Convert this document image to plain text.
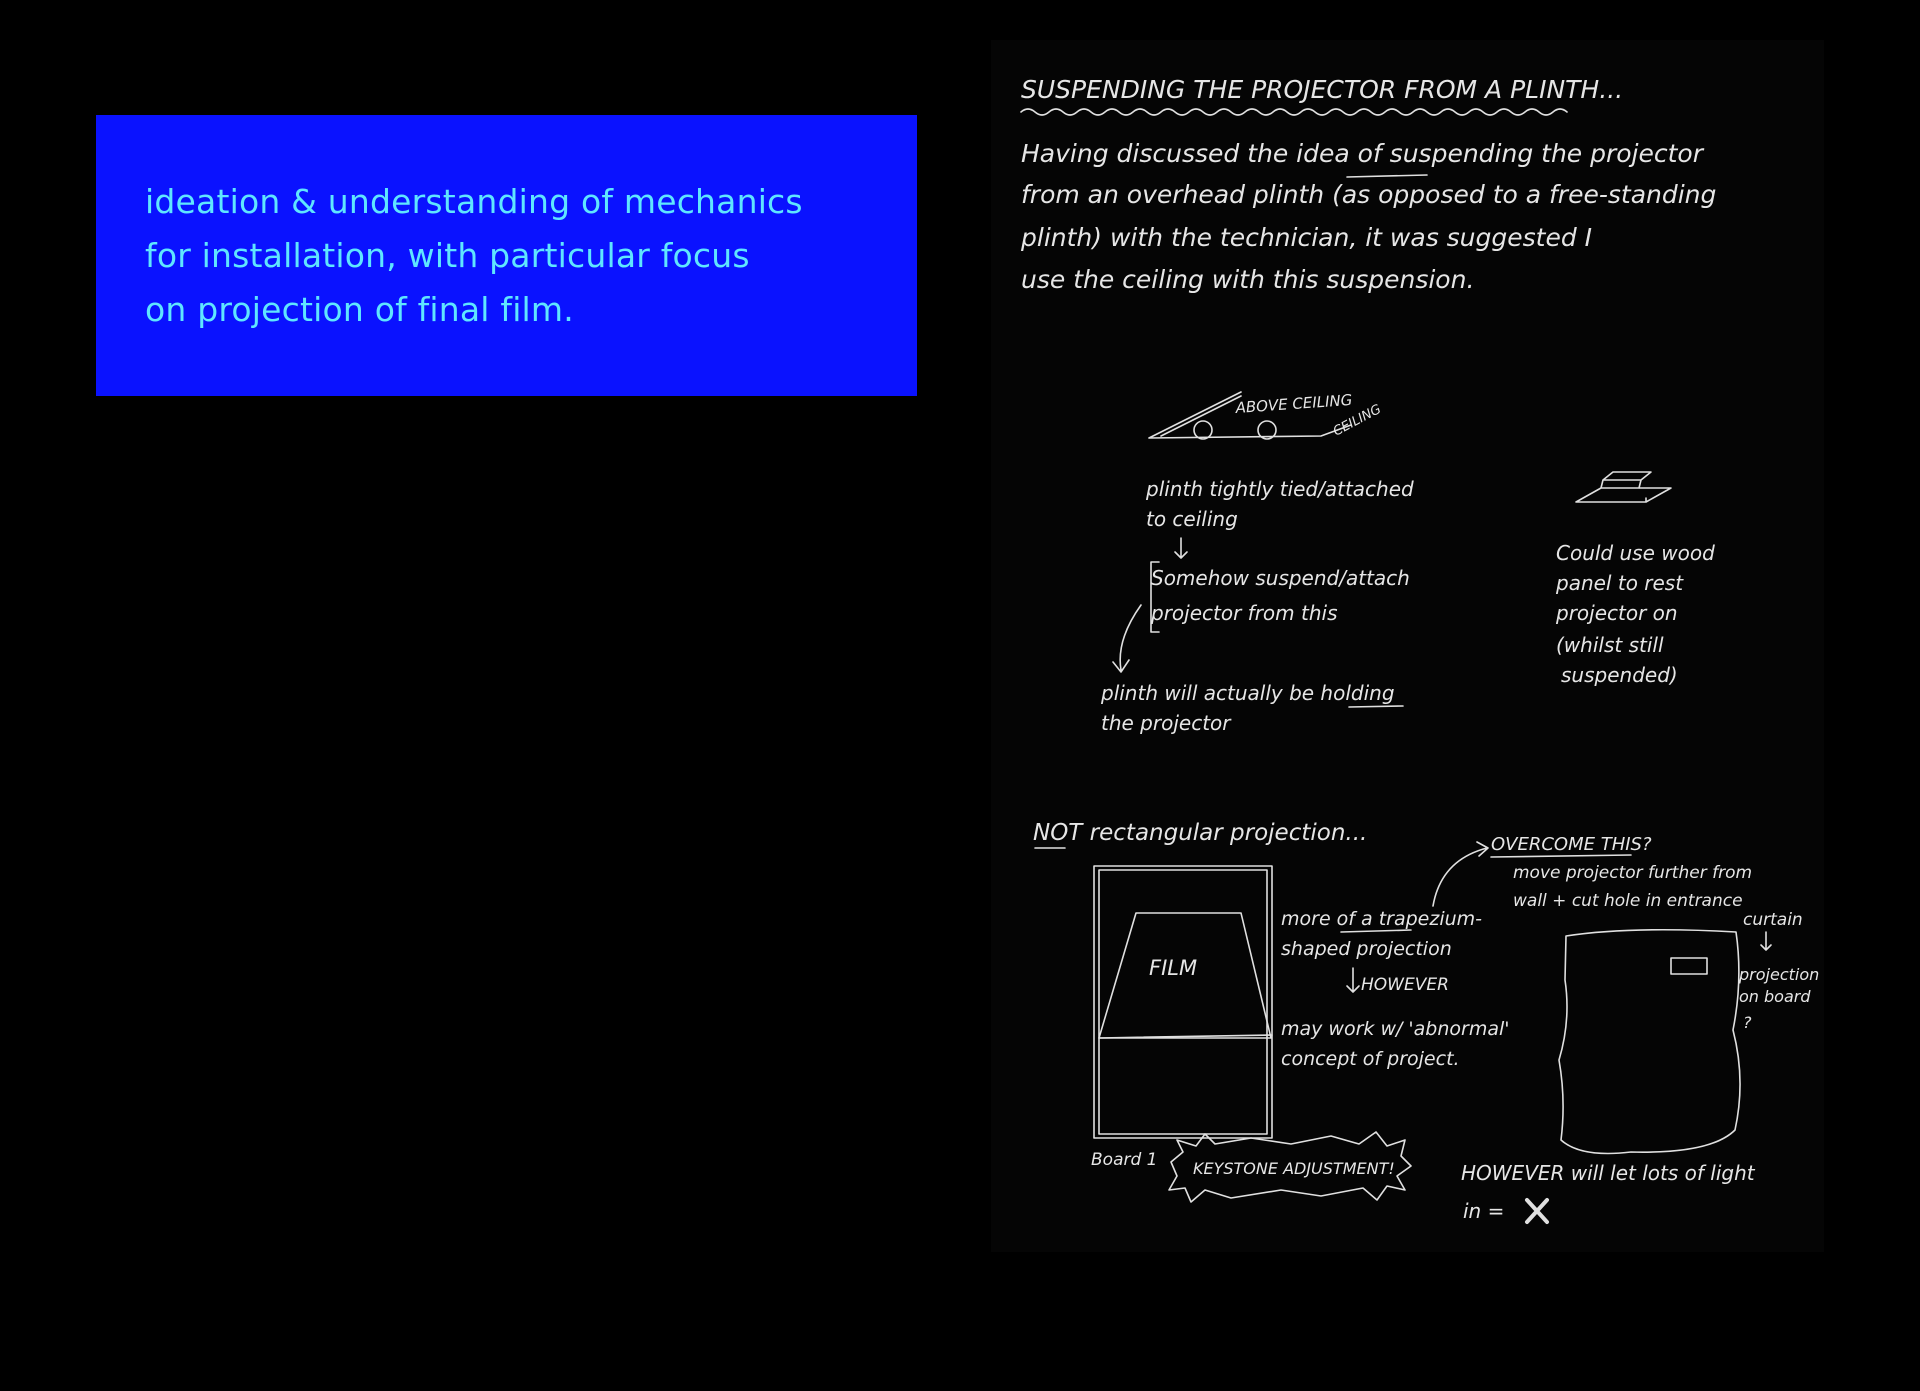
ideation & understanding of mechanics
for installation, with particular focus
on projection of final film.
SUSPENDING THE PROJECTOR FROM A PLINTH...
Having discussed the idea of suspending the projector
from an overhead plinth (as opposed to a free-standing
plinth) with the technician, it was suggested I
use the ceiling with this suspension.
ABOVE CEILING
CEILING
plinth tightly tied/attached
to ceiling
Somehow suspend/attach
projector from this
plinth will actually be holding
the projector
Could use wood
panel to rest
projector on
(whilst still
suspended)
NOT rectangular projection...
FILM
Board 1
more of a trapezium-
shaped projection
HOWEVER
may work w/ 'abnormal'
concept of project.
OVERCOME THIS?
move projector further from
wall + cut hole in entrance
curtain
projection
on board
?
KEYSTONE ADJUSTMENT!	HOWEVER will let lots of light
in =
